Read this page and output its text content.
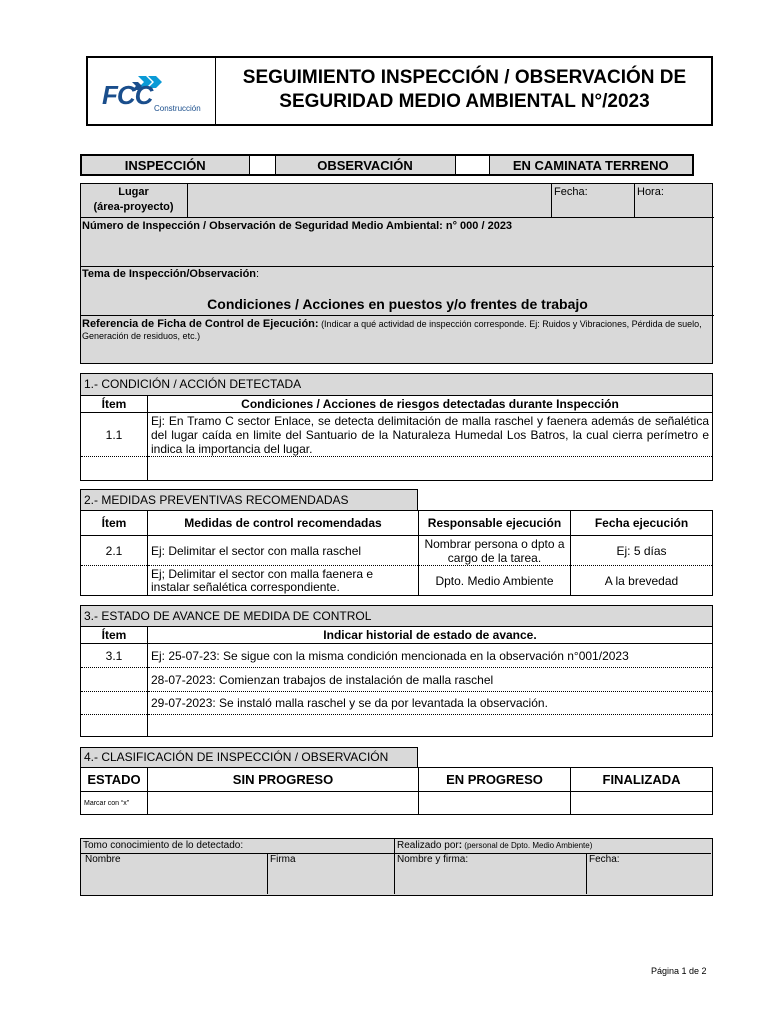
FCC Construcción
SEGUIMIENTO INSPECCIÓN / OBSERVACIÓN DE
SEGURIDAD MEDIO AMBIENTAL N°/2023
INSPECCIÓN		OBSERVACIÓN		EN CAMINATA TERRENO
Lugar
(área-proyecto)
Fecha:	Hora:
Número de Inspección / Observación de Seguridad Medio Ambiental: n° 000 / 2023
Tema de Inspección/Observación:
Condiciones / Acciones en puestos y/o frentes de trabajo
Referencia de Ficha de Control de Ejecución: (Indicar a qué actividad de inspección corresponde. Ej: Ruidos y Vibraciones, Pérdida de suelo, Generación de residuos, etc.)
1.- CONDICIÓN / ACCIÓN DETECTADA
Ítem	Condiciones / Acciones de riesgos detectadas durante Inspección
1.1	Ej: En Tramo C sector Enlace, se detecta delimitación de malla raschel y faenera además de señalética del lugar caída en limite del Santuario de la Naturaleza Humedal Los Batros, la cual cierra perímetro e indica la importancia del lugar.

2.- MEDIDAS PREVENTIVAS RECOMENDADAS
Ítem	Medidas de control recomendadas	Responsable ejecución	Fecha ejecución
2.1	Ej: Delimitar el sector con malla raschel	Nombrar persona o dpto a cargo de la tarea.	Ej: 5 días
	Ej; Delimitar el sector con malla faenera e instalar señalética correspondiente.	Dpto. Medio Ambiente	A la brevedad
3.- ESTADO DE AVANCE DE MEDIDA DE CONTROL
Ítem	Indicar historial de estado de avance.
3.1	Ej: 25-07-23: Se sigue con la misma condición mencionada en la observación n°001/2023
	28-07-2023: Comienzan trabajos de instalación de malla raschel
	29-07-2023: Se instaló malla raschel y se da por levantada la observación.

4.- CLASIFICACIÓN DE INSPECCIÓN / OBSERVACIÓN
ESTADO	SIN PROGRESO	EN PROGRESO	FINALIZADA
Marcar con “x”			
Tomo conocimiento de lo detectado:	Realizado por: (personal de Dpto. Medio Ambiente)
Nombre	Firma	Nombre y firma:	Fecha:
Página 1 de 2
